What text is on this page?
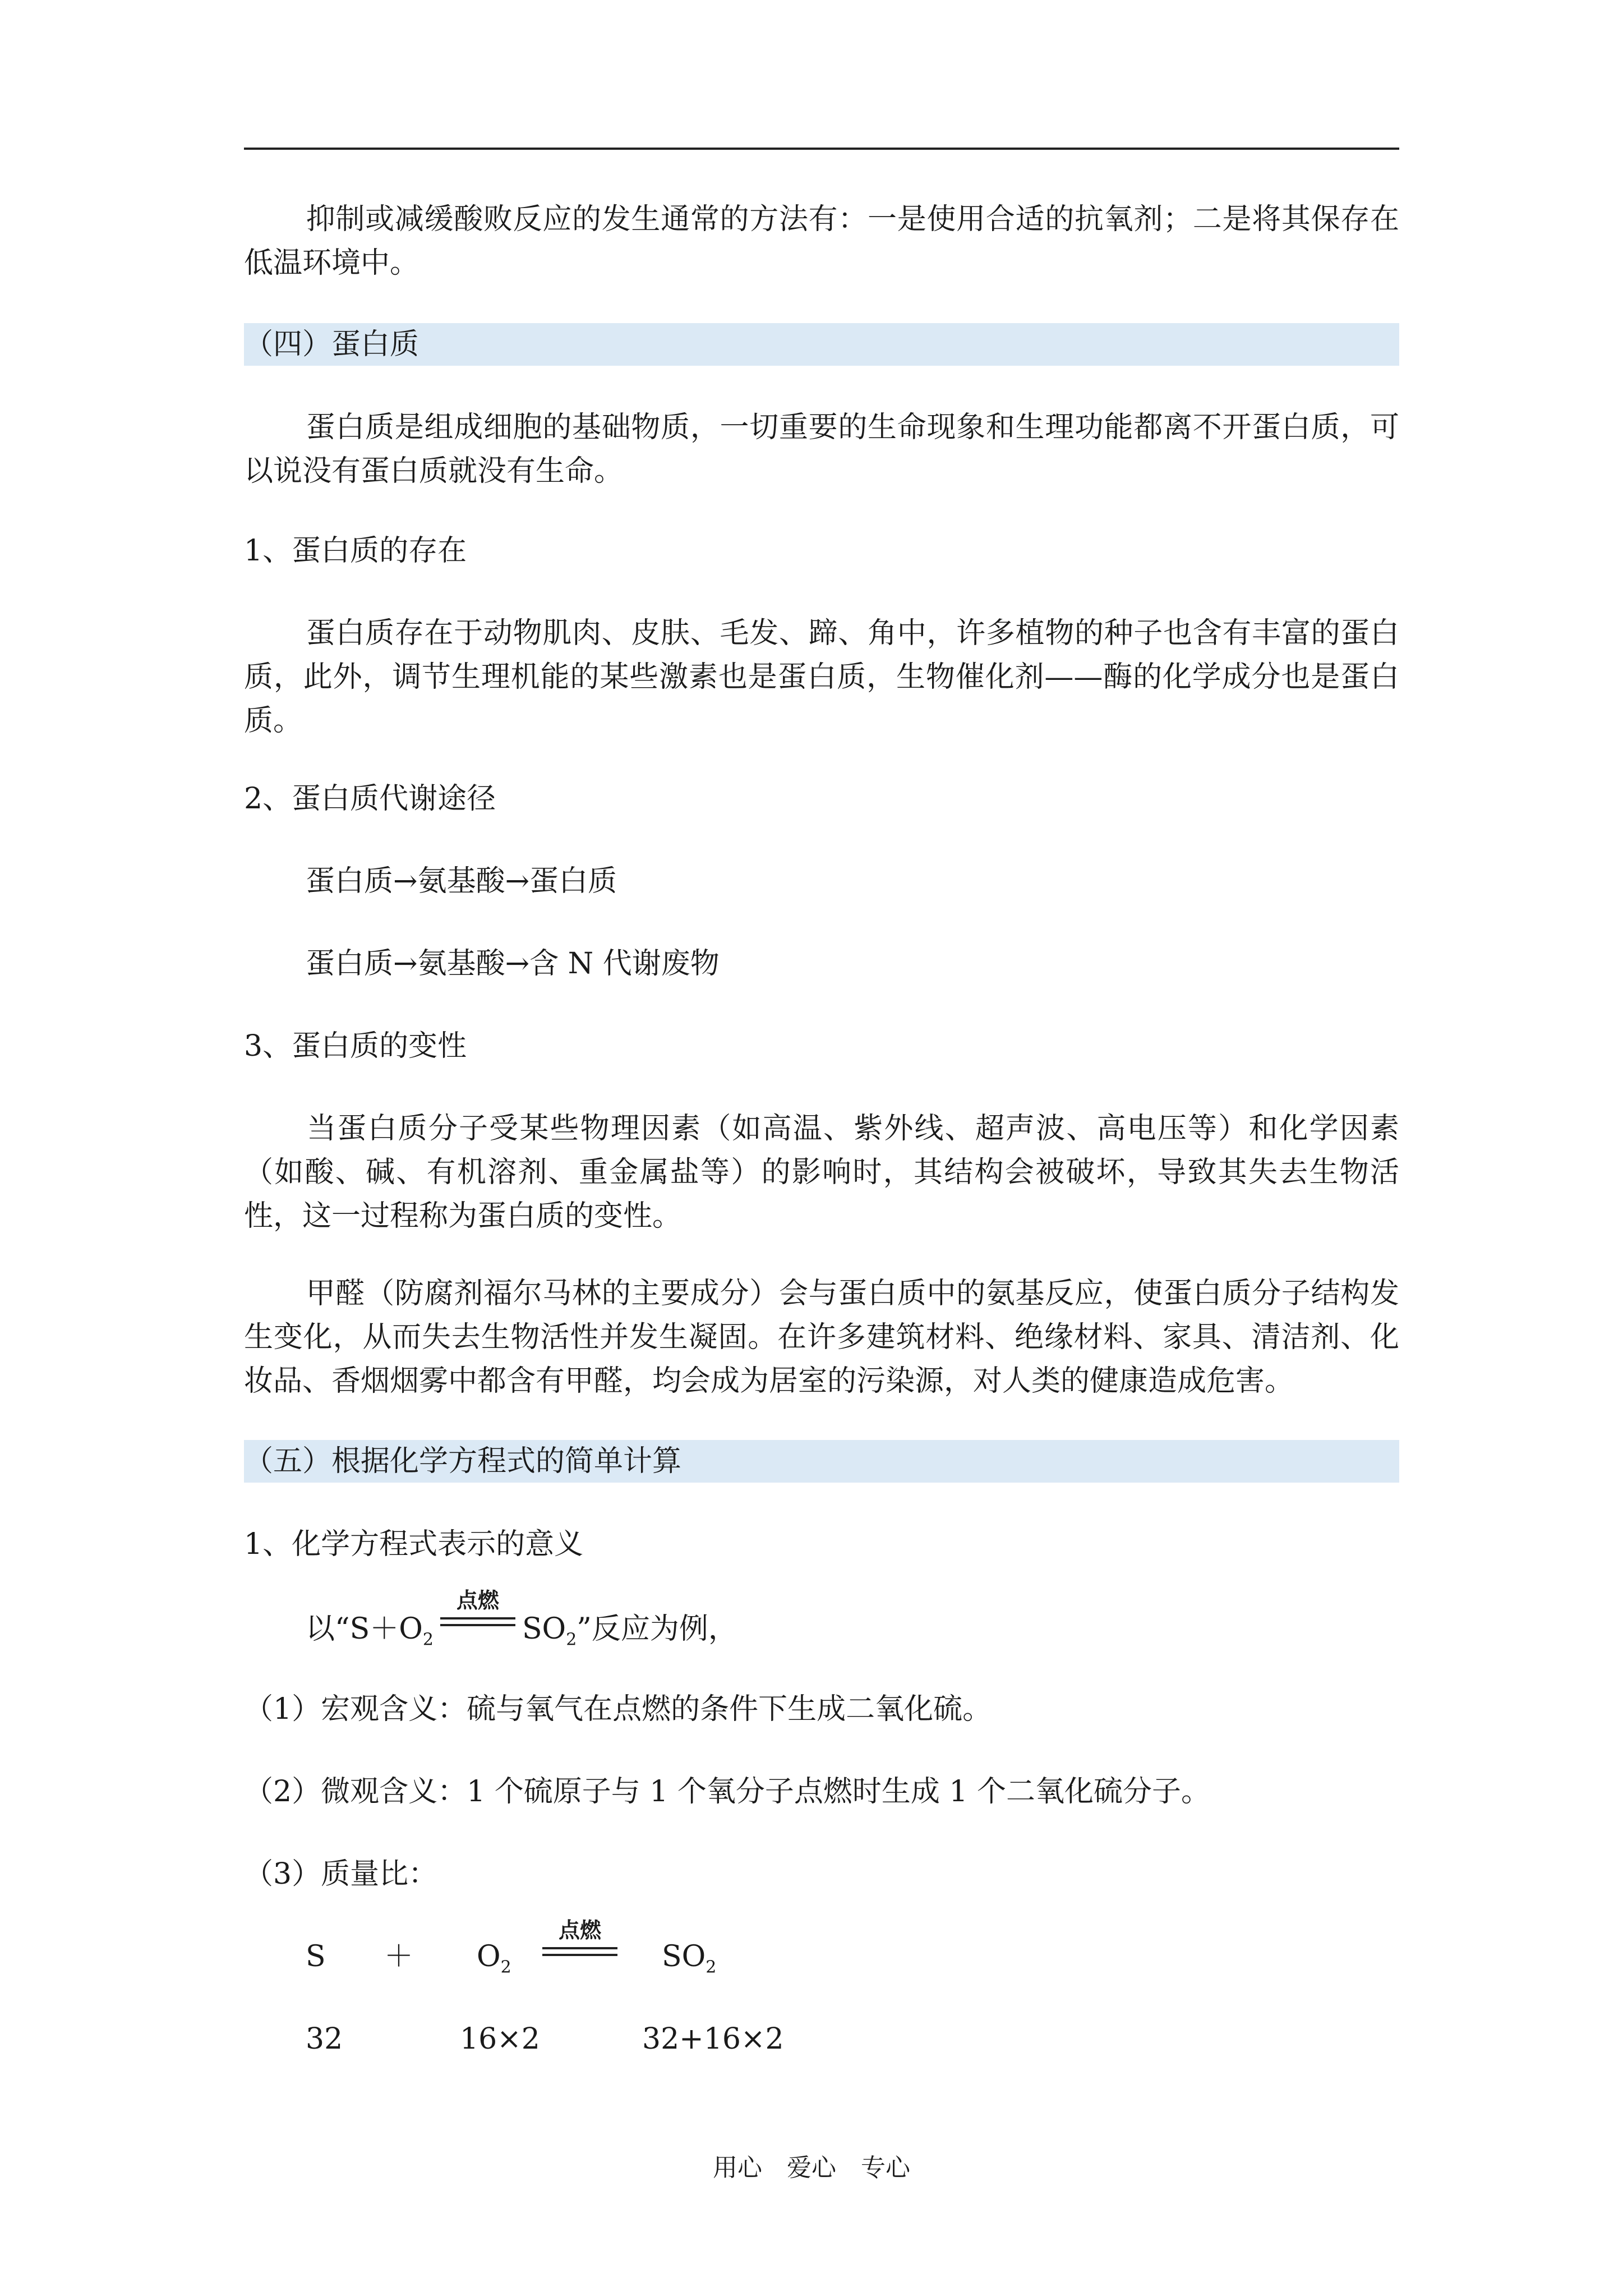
抑制或减缓酸败反应的发生通常的方法有：一是使用合适的抗氧剂；二是将其保存在低温环境中。
（四）蛋白质
蛋白质是组成细胞的基础物质，一切重要的生命现象和生理功能都离不开蛋白质，可以说没有蛋白质就没有生命。
1、蛋白质的存在
蛋白质存在于动物肌肉、皮肤、毛发、蹄、角中，许多植物的种子也含有丰富的蛋白质，此外，调节生理机能的某些激素也是蛋白质，生物催化剂——酶的化学成分也是蛋白质。
2、蛋白质代谢途径
蛋白质→氨基酸→蛋白质
蛋白质→氨基酸→含 N 代谢废物
3、蛋白质的变性
当蛋白质分子受某些物理因素（如高温、紫外线、超声波、高电压等）和化学因素（如酸、碱、有机溶剂、重金属盐等）的影响时，其结构会被破坏，导致其失去生物活性，这一过程称为蛋白质的变性。
甲醛（防腐剂福尔马林的主要成分）会与蛋白质中的氨基反应，使蛋白质分子结构发生变化，从而失去生物活性并发生凝固。在许多建筑材料、绝缘材料、家具、清洁剂、化妆品、香烟烟雾中都含有甲醛，均会成为居室的污染源，对人类的健康造成危害。
（五）根据化学方程式的简单计算
1、化学方程式表示的意义
以“$S+O_2$
点燃
$SO_2$”反应为例，
（1）宏观含义：硫与氧气在点燃的条件下生成二氧化硫。
（2）微观含义：1 个硫原子与 1 个氧分子点燃时生成 1 个二氧化硫分子。
（3）质量比：
$S + O_2$
点燃
$SO_2$
32	16×2	32+16×2
用心　爱心　专心
